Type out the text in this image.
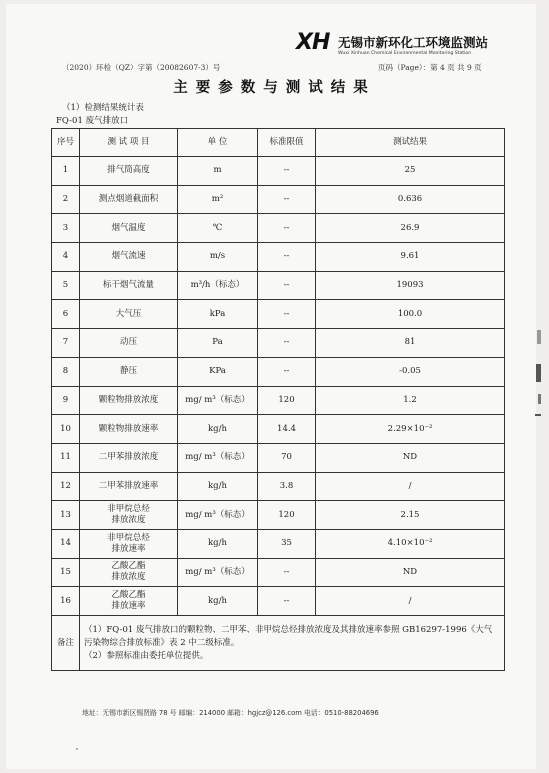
（2020）环检（QZ）字第（20082607-3）号
XH 无锡市新环化工环境监测站
Wuxi Xinhuan Chemical Environmental Monitoring Station
页码（Page）：第 4 页 共 9 页
主要参数与测试结果
（1）检测结果统计表
FQ-01 废气排放口
序号	测 试 项 目	单 位	标准限值	测试结果
1	排气筒高度	m	--	25
2	测点烟道截面积	m²	--	0.636
3	烟气温度	℃	--	26.9
4	烟气流速	m/s	--	9.61
5	标干烟气流量	m³/h（标态）	--	19093
6	大气压	kPa	--	100.0
7	动压	Pa	--	81
8	静压	KPa	--	-0.05
9	颗粒物排放浓度	mg/ m³（标态）	120	1.2
10	颗粒物排放速率	kg/h	14.4	2.29×10⁻²
11	二甲苯排放浓度	mg/ m³（标态）	70	ND
12	二甲苯排放速率	kg/h	3.8	/
13	非甲烷总烃
排放浓度	mg/ m³（标态）	120	2.15
14	非甲烷总烃
排放速率	kg/h	35	4.10×10⁻²
15	乙酸乙酯
排放浓度	mg/ m³（标态）	--	ND
16	乙酸乙酯
排放速率	kg/h	--	/
备注	（1）FQ-01 废气排放口的颗粒物、二甲苯、非甲烷总烃排放浓度及其排放速率参照 GB16297-1996《大气污染物综合排放标准》表 2 中二级标准。
（2）参照标准由委托单位提供。			
地址：无锡市新区锡贤路 78 号 邮编：214000 邮箱：hgjcz@126.com 电话：0510-88204696
